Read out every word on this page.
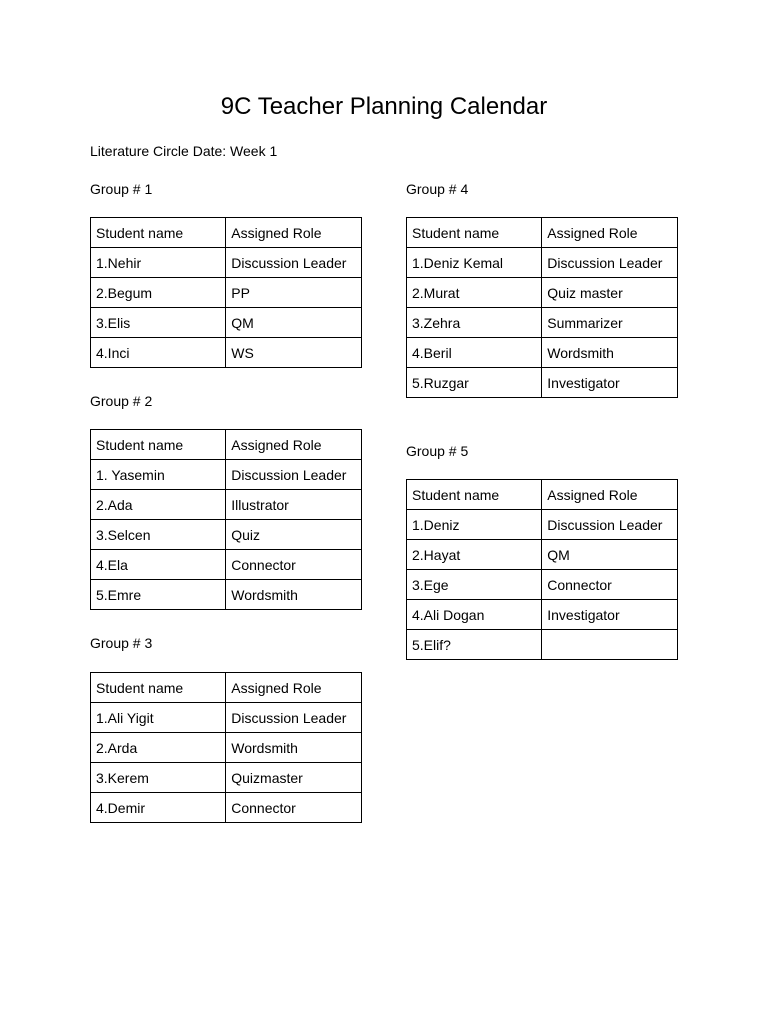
9C Teacher Planning Calendar
Literature Circle Date: Week 1
Group # 1
Student name	Assigned Role
1.Nehir	Discussion Leader
2.Begum	PP
3.Elis	QM
4.Inci	WS
Group # 2
Student name	Assigned Role
1. Yasemin	Discussion Leader
2.Ada	Illustrator
3.Selcen	Quiz
4.Ela	Connector
5.Emre	Wordsmith
Group # 3
Student name	Assigned Role
1.Ali Yigit	Discussion Leader
2.Arda	Wordsmith
3.Kerem	Quizmaster
4.Demir	Connector
Group # 4
Student name	Assigned Role
1.Deniz Kemal	Discussion Leader
2.Murat	Quiz master
3.Zehra	Summarizer
4.Beril	Wordsmith
5.Ruzgar	Investigator
Group # 5
Student name	Assigned Role
1.Deniz	Discussion Leader
2.Hayat	QM
3.Ege	Connector
4.Ali Dogan	Investigator
5.Elif?	
